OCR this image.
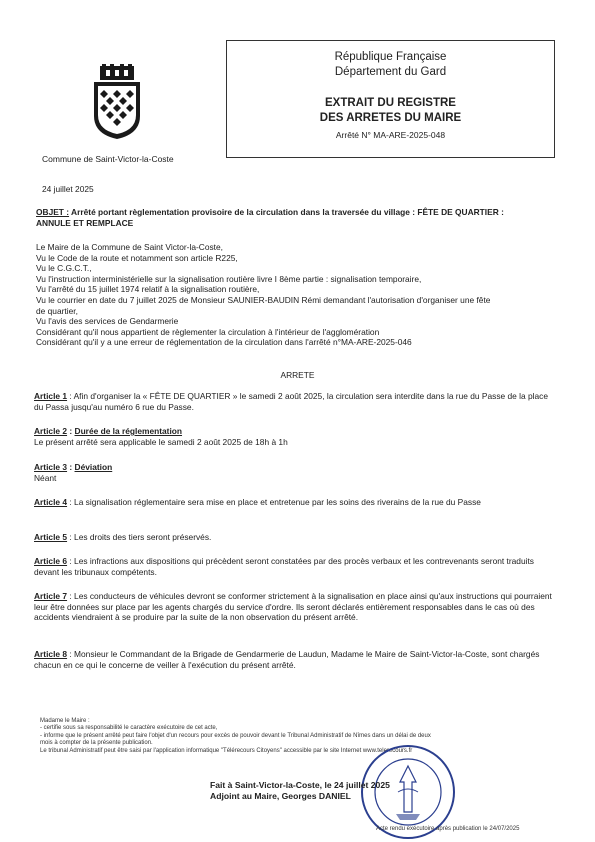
Commune de Saint-Victor-la-Coste
République Française
Département du Gard
EXTRAIT DU REGISTRE
DES ARRETES DU MAIRE
Arrêté N° MA-ARE-2025-048
24 juillet 2025
OBJET : Arrêté portant règlementation provisoire de la circulation dans la traversée du village : FÊTE DE QUARTIER : ANNULE ET REMPLACE
Le Maire de la Commune de Saint Victor-la-Coste,
Vu le Code de la route et notamment son article R225,
Vu le C.G.C.T.,
Vu l'instruction interministérielle sur la signalisation routière livre I 8ème partie : signalisation temporaire,
Vu l'arrêté du 15 juillet 1974 relatif à la signalisation routière,
Vu le courrier en date du 7 juillet 2025 de Monsieur SAUNIER-BAUDIN Rémi demandant l'autorisation d'organiser une fête
de quartier,
Vu l'avis des services de Gendarmerie
Considérant qu'il nous appartient de règlementer la circulation à l'intérieur de l'agglomération
Considérant qu'il y a une erreur de réglementation de la circulation dans l'arrêté n°MA-ARE-2025-046
ARRETE
Article 1 : Afin d'organiser la « FÊTE DE QUARTIER » le samedi 2 août 2025, la circulation sera interdite dans la rue du Passe de la place du Passa jusqu'au numéro 6 rue du Passe.
Article 2 : Durée de la réglementation
Le présent arrêté sera applicable le samedi 2 août 2025 de 18h à 1h
Article 3 : Déviation
Néant
Article 4 : La signalisation réglementaire sera mise en place et entretenue par les soins des riverains de la rue du Passe
Article 5 : Les droits des tiers seront préservés.
Article 6 : Les infractions aux dispositions qui précèdent seront constatées par des procès verbaux et les contrevenants seront traduits devant les tribunaux compétents.
Article 7 : Les conducteurs de véhicules devront se conformer strictement à la signalisation en place ainsi qu'aux instructions qui pourraient leur être données sur place par les agents chargés du service d'ordre. Ils seront déclarés entièrement responsables dans le cas où des accidents viendraient à se produire par la suite de la non observation du présent arrêté.
Article 8 : Monsieur le Commandant de la Brigade de Gendarmerie de Laudun, Madame le Maire de Saint-Victor-la-Coste, sont chargés chacun en ce qui le concerne de veiller à l'exécution du présent arrêté.
Madame le Maire :
- certifie sous sa responsabilité le caractère exécutoire de cet acte,
- informe que le présent arrêté peut faire l'objet d'un recours pour excès de pouvoir devant le Tribunal Administratif de Nîmes dans un délai de deux
mois à compter de la présente publication.
Le tribunal Administratif peut être saisi par l'application informatique "Télérecours Citoyens" accessible par le site Internet www.telerecours.fr
Fait à Saint-Victor-la-Coste, le 24 juillet 2025
Adjoint au Maire, Georges DANIEL
Acte rendu exécutoire après publication le 24/07/2025
